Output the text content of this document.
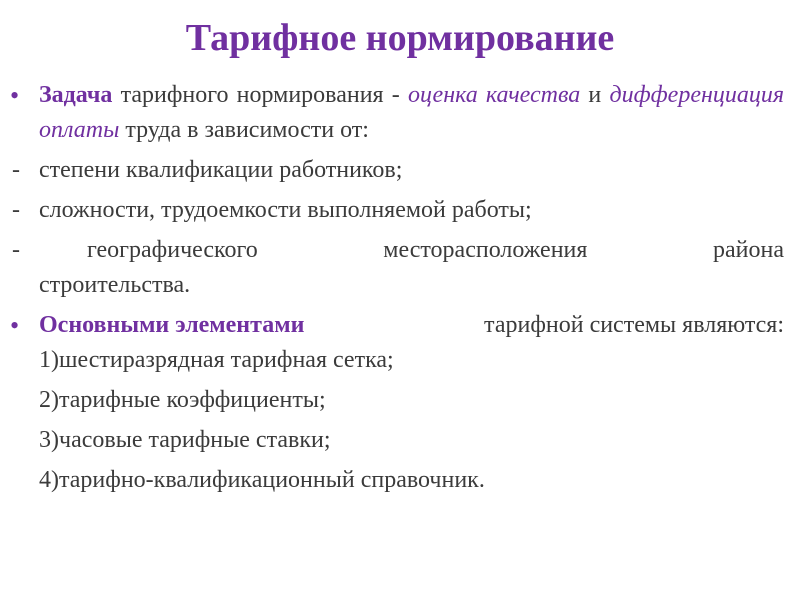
Тарифное нормирование
• Задача тарифного нормирования - оценка качества и дифференциация оплаты труда в зависимости от:
- степени квалификации работников;
- сложности, трудоемкости выполняемой работы;
-	географического	месторасположения	района
строительства.
• Основными элементами	тарифной системы являются:
1)шестиразрядная тарифная сетка;
2)тарифные коэффициенты;
3)часовые тарифные ставки;
4)тарифно-квалификационный справочник.
